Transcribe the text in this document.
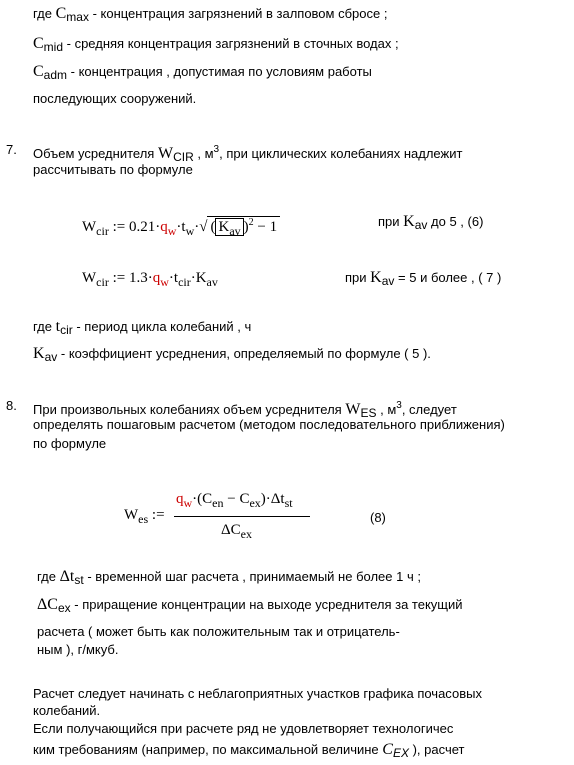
где Cmax - концентрация загрязнений в залповом сбросе ;
Cmid - средняя концентрация загрязнений в сточных водах ;
Cadm - концентрация , допустимая по условиям работы
последующих сооружений.
7. Объем усреднителя WCIR , $м^3$, при циклических колебаниях надлежит
рассчитывать по формуле
$W_{cir}$ := $0.21\cdot q_w\cdot t_w\cdot√$ ( $K_{av}$ )$^2$ − 1	при Kav до 5 , (6)
$W_{cir}$ := $1.3\cdot q_w\cdot t_{cir}\cdot K_{av}$	при Kav = 5 и более , ( 7 )
где tcir - период цикла колебаний , ч
Kav - коэффициент усреднения, определяемый по формуле ( 5 ).
8. При произвольных колебаниях объем усреднителя WES , $м^3$, следует
определять пошаговым расчетом (методом последовательного приближения)
по формуле
$W_{es}$ :=
$q_w\cdot(C_{en} - C_{ex})\cdot\Delta t_{st}$
$\Delta C_{ex}$
(8)
где Δtst - временной шаг расчета , принимаемый не более 1 ч ;
ΔCex - приращение концентрации на выходе усреднителя за текущий
расчета ( может быть как положительным так и отрицатель-
ным ), г/мкуб.
Расчет следует начинать с неблагоприятных участков графика почасовых
колебаний.
Если получающийся при расчете ряд не удовлетворяет технологичес
ким требованиям (например, по максимальной величине CEX ), расчет
